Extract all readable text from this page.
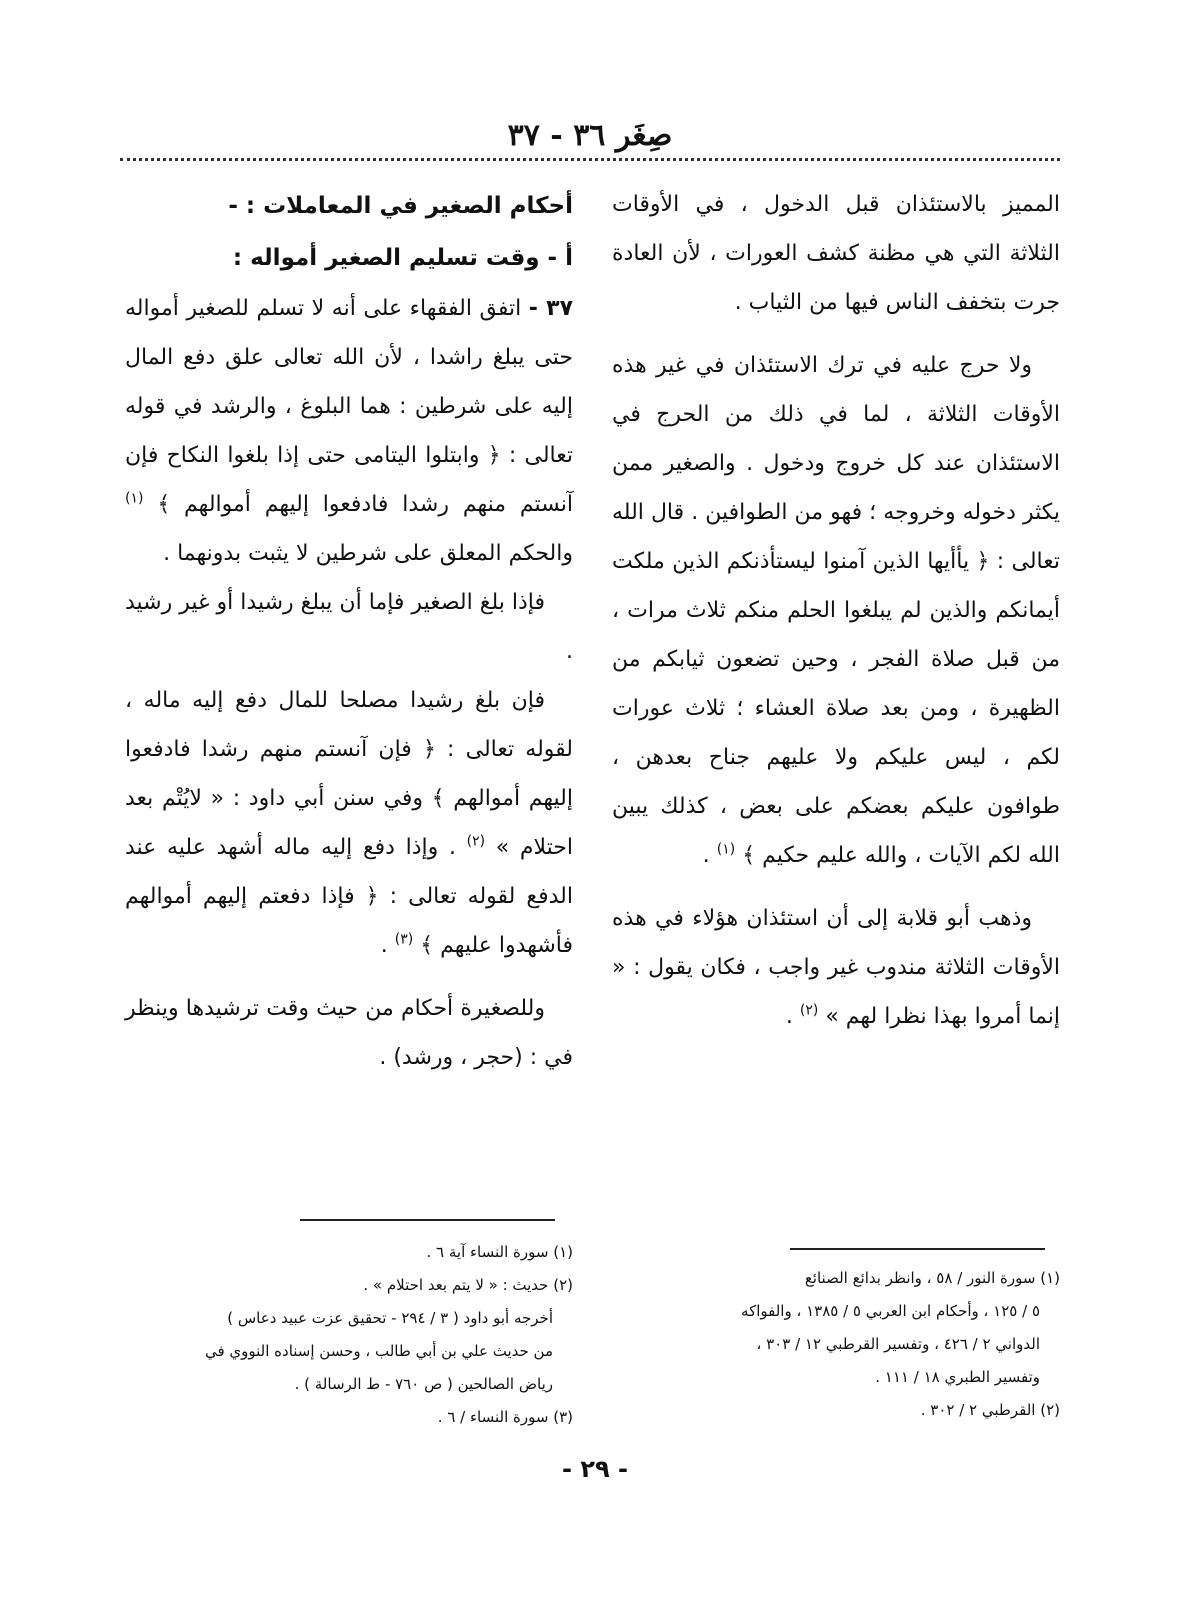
صِغَر ٣٦ - ٣٧

المميز بالاستئذان قبل الدخول ، في الأوقات الثلاثة التي هي مظنة كشف العورات ، لأن العادة جرت بتخفف الناس فيها من الثياب .

ولا حرج عليه في ترك الاستئذان في غير هذه الأوقات الثلاثة ، لما في ذلك من الحرج في الاستئذان عند كل خروج ودخول . والصغير ممن يكثر دخوله وخروجه ؛ فهو من الطوافين . قال الله تعالى : ﴿ يأأيها الذين آمنوا ليستأذنكم الذين ملكت أيمانكم والذين لم يبلغوا الحلم منكم ثلاث مرات ، من قبل صلاة الفجر ، وحين تضعون ثيابكم من الظهيرة ، ومن بعد صلاة العشاء ؛ ثلاث عورات لكم ، ليس عليكم ولا عليهم جناح بعدهن ، طوافون عليكم بعضكم على بعض ، كذلك يبين الله لكم الآيات ، والله عليم حكيم ﴾ $^{(١)}$ .

وذهب أبو قلابة إلى أن استئذان هؤلاء في هذه الأوقات الثلاثة مندوب غير واجب ، فكان يقول : « إنما أمروا بهذا نظرا لهم » $^{(٢)}$ .

أحكام الصغير في المعاملات : -
أ - وقت تسليم الصغير أمواله :

٣٧ - اتفق الفقهاء على أنه لا تسلم للصغير أمواله حتى يبلغ راشدا ، لأن الله تعالى علق دفع المال إليه على شرطين : هما البلوغ ، والرشد في قوله تعالى : ﴿ وابتلوا اليتامى حتى إذا بلغوا النكاح فإن آنستم منهم رشدا فادفعوا إليهم أموالهم ﴾ $^{(١)}$ والحكم المعلق على شرطين لا يثبت بدونهما .

فإذا بلغ الصغير فإما أن يبلغ رشيدا أو غير رشيد .

فإن بلغ رشيدا مصلحا للمال دفع إليه ماله ، لقوله تعالى : ﴿ فإن آنستم منهم رشدا فادفعوا إليهم أموالهم ﴾ وفي سنن أبي داود : « لايُتْم بعد احتلام » $^{(٢)}$ . وإذا دفع إليه ماله أشهد عليه عند الدفع لقوله تعالى : ﴿ فإذا دفعتم إليهم أموالهم فأشهدوا عليهم ﴾ $^{(٣)}$ .

وللصغيرة أحكام من حيث وقت ترشيدها وينظر في : (حجر ، ورشد) .

(١) سورة النور / ٥٨ ، وانظر بدائع الصنائع
٥ / ١٢٥ ، وأحكام ابن العربي ٥ / ١٣٨٥ ، والفواكه
الدواني ٢ / ٤٢٦ ، وتفسير القرطبي ١٢ / ٣٠٣ ،
وتفسير الطبري ١٨ / ١١١ .
(٢) القرطبي ٢ / ٣٠٢ .
(١) سورة النساء آية ٦ .
(٢) حديث : « لا يتم بعد احتلام » .
أخرجه أبو داود ( ٣ / ٢٩٤ - تحقيق عزت عبيد دعاس )
من حديث علي بن أبي طالب ، وحسن إسناده النووي في
رياض الصالحين ( ص ٧٦٠ - ط الرسالة ) .
(٣) سورة النساء / ٦ .
- ٢٩ -
